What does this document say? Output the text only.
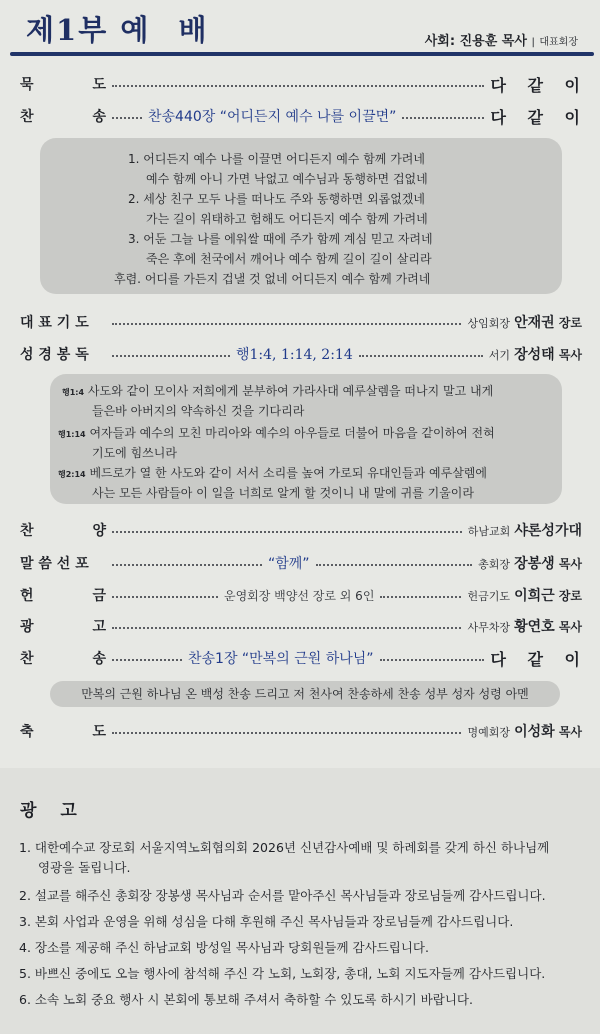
제1부 예 배	사회: 진용훈 목사 | 대표회장
묵	도	다 같 이
찬	송	찬송440장 “어디든지 예수 나를 이끌면”	다 같 이
1. 어디든지 예수 나를 이끌면 어디든지 예수 함께 가려네
예수 함께 아니 가면 낙없고 예수님과 동행하면 겁없네
2. 세상 친구 모두 나를 떠나도 주와 동행하면 외롭없겠네
가는 길이 위태하고 험해도 어디든지 예수 함께 가려네
3. 어둔 그늘 나를 에워쌀 때에 주가 함께 계심 믿고 자려네
죽은 후에 천국에서 깨어나 예수 함께 길이 길이 살리라
후렴. 어디를 가든지 겁낼 것 없네 어디든지 예수 함께 가려네
대 표 기 도	상임회장 안재권 장로
성 경 봉 독	행1:4, 1:14, 2:14	서기 장성태 목사
행1:4 사도와 같이 모이사 저희에게 분부하여 가라사대 예루살렘을 떠나지 말고 내게
들은바 아버지의 약속하신 것을 기다리라
행1:14 여자들과 예수의 모친 마리아와 예수의 아우들로 더불어 마음을 같이하여 전혀
기도에 힘쓰니라
행2:14 베드로가 열 한 사도와 같이 서서 소리를 높여 가로되 유대인들과 예루살렘에
사는 모든 사람들아 이 일을 너희로 알게 할 것이니 내 말에 귀를 기울이라
찬	양	하남교회 샤론성가대
말 씀 선 포	“함께”	총회장 장봉생 목사
헌	금	운영회장 백양선 장로 외 6인	헌금기도 이희근 장로
광	고	사무차장 황연호 목사
찬	송	찬송1장 “만복의 근원 하나님”	다 같 이
만복의 근원 하나님 온 백성 찬송 드리고 저 천사여 찬송하세 찬송 성부 성자 성령 아멘
축	도	명예회장 이성화 목사
광 고
1. 대한예수교 장로회 서울지역노회협의회 2026년 신년감사예배 및 하례회를 갖게 하신 하나님께
영광을 돌립니다.
2. 설교를 해주신 총회장 장봉생 목사님과 순서를 맡아주신 목사님들과 장로님들께 감사드립니다.
3. 본회 사업과 운영을 위해 성심을 다해 후원해 주신 목사님들과 장로님들께 감사드립니다.
4. 장소를 제공해 주신 하남교회 방성일 목사님과 당회원들께 감사드립니다.
5. 바쁘신 중에도 오늘 행사에 참석해 주신 각 노회, 노회장, 총대, 노회 지도자들께 감사드립니다.
6. 소속 노회 중요 행사 시 본회에 통보해 주셔서 축하할 수 있도록 하시기 바랍니다.
